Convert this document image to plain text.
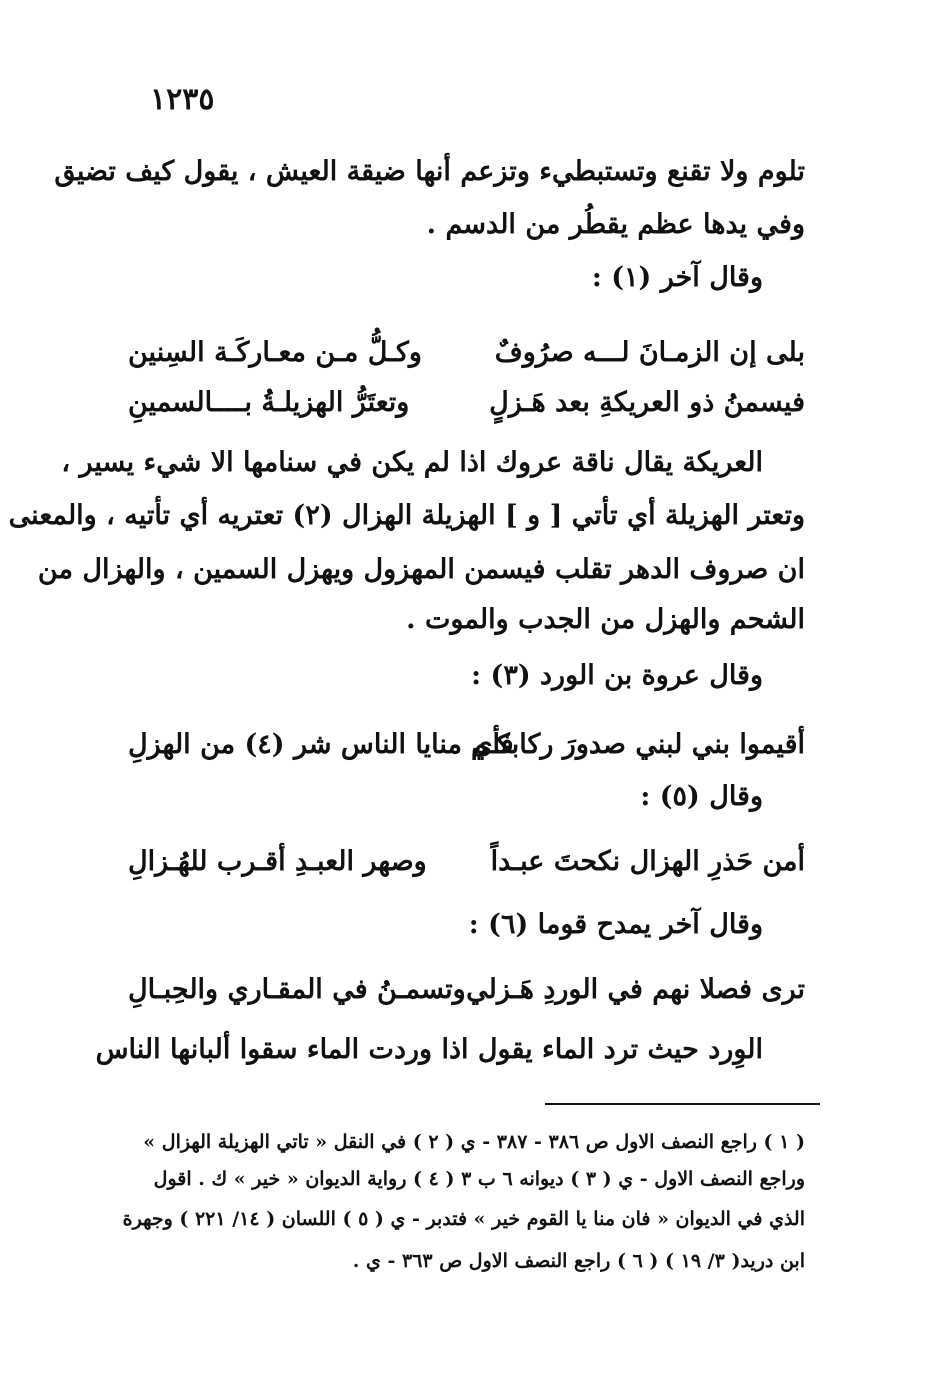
١٢٣٥
تلوم ولا تقنع وتستبطيء وتزعم أنها ضيقة العيش ، يقول كيف تضيق
وفي يدها عظم يقطُر من الدسم .
وقال آخر (١) :
بلى إن الزمـانَ لـــه صرُوفٌ
وكـلُّ مـن معـاركَـة السِنين
فيسمنُ ذو العريكةِ بعد هَـزلٍ
وتعتَرُّ الهزيلـةُ بــــالسمينِ
العريكة يقال ناقة عروك اذا لم يكن في سنامها الا شيء يسير ،
وتعتر الهزيلة أي تأتي [ و ] الهزيلة الهزال (٢) تعتريه أي تأتيه ، والمعنى
ان صروف الدهر تقلب فيسمن المهزول ويهزل السمين ، والهزال من
الشحم والهزل من الجدب والموت .
وقال عروة بن الورد (٣) :
أقيموا بني لبني صدورَ ركابكـم
فأي منايا الناس شر (٤) من الهزلِ
وقال (٥) :
أمن حَذرِ الهزال نكحتَ عبـداً
وصهر العبـدِ أقـرب للهُـزالِ
وقال آخر يمدح قوما (٦) :
ترى فصلا نهم في الوردِ هَـزلي
وتسمـنُ في المقـاري والحِبـالِ
الوِرد حيث ترد الماء يقول اذا وردت الماء سقوا ألبانها الناس
( ١ ) راجع النصف الاول ص ٣٨٦ - ٣٨٧ - ي ( ٢ ) في النقل « تاتي الهزيلة الهزال »
وراجع النصف الاول - ي ( ٣ ) ديوانه ٦ ب ٣ ( ٤ ) رواية الديوان « خير » ك . اقول
الذي في الديوان « فان منا يا القوم خير » فتدبر - ي ( ٥ ) اللسان ( ١٤/ ٢٢١ ) وجهرة
ابن دريد( ٣/ ١٩ ) ( ٦ ) راجع النصف الاول ص ٣٦٣ - ي .
